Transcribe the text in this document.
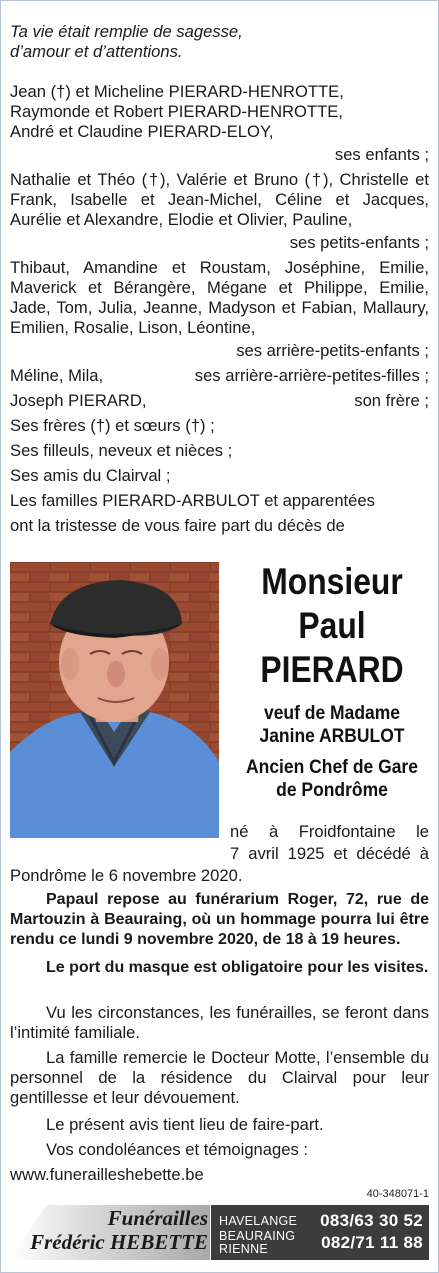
Ta vie était remplie de sagesse,
d’amour et d’attentions.
Jean (†) et Micheline PIERARD-HENROTTE,
Raymonde et Robert PIERARD-HENROTTE,
André et Claudine PIERARD-ELOY,
ses enfants ;
Nathalie et Théo (†), Valérie et Bruno (†), Christelle et Frank, Isabelle et Jean-Michel, Céline et Jacques, Aurélie et Alexandre, Elodie et Olivier, Pauline,
ses petits-enfants ;
Thibaut, Amandine et Roustam, Joséphine, Emilie, Maverick et Bérangère, Mégane et Philippe, Emilie, Jade, Tom, Julia, Jeanne, Madyson et Fabian, Mallaury, Emilien, Rosalie, Lison, Léontine,
ses arrière-petits-enfants ;
Méline, Mila,	ses arrière-arrière-petites-filles ;
Joseph PIERARD,	son frère ;
Ses frères (†) et sœurs (†) ;
Ses filleuls, neveux et nièces ;
Ses amis du Clairval ;
Les familles PIERARD-ARBULOT et apparentées
ont la tristesse de vous faire part du décès de
Monsieur
Paul
PIERARD
veuf de Madame
Janine ARBULOT
Ancien Chef de Gare
de Pondrôme
né à Froidfontaine le
7 avril 1925 et décédé à
Pondrôme le 6 novembre 2020.
Papaul repose au funérarium Roger, 72, rue de Martouzin à Beauraing, où un hommage pourra lui être rendu ce lundi 9 novembre 2020, de 18 à 19 heures.
Le port du masque est obligatoire pour les visites.
Vu les circonstances, les funérailles, se feront dans l’intimité familiale.
La famille remercie le Docteur Motte, l’ensemble du personnel de la résidence du Clairval pour leur gentillesse et leur dévouement.
Le présent avis tient lieu de faire-part.
Vos condoléances et témoignages :
www.funerailleshebette.be
40-348071-1
Funérailles
Frédéric HEBETTE
HAVELANGE 083/63 30 52
BEAURAING
RIENNE	082/71 11 88
